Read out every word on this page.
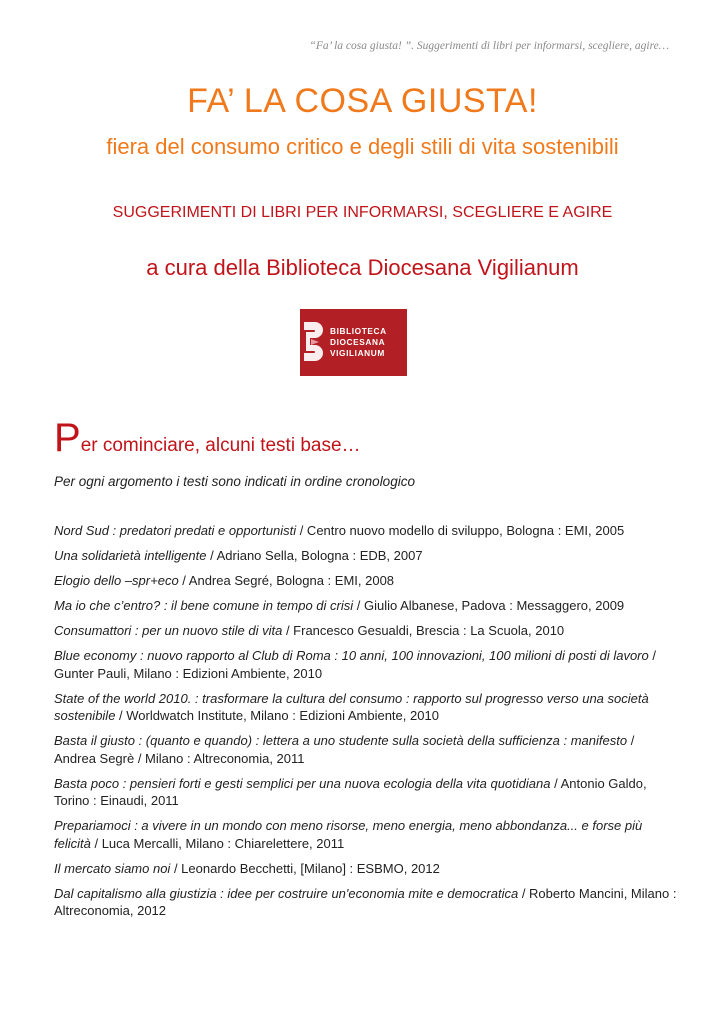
“Fa’ la cosa giusta! ”. Suggerimenti di libri per informarsi, scegliere, agire…
FA’ LA COSA GIUSTA!
fiera del consumo critico e degli stili di vita sostenibili
SUGGERIMENTI DI LIBRI PER INFORMARSI, SCEGLIERE E AGIRE
a cura della Biblioteca Diocesana Vigilianum
BIBLIOTECA
DIOCESANA
VIGILIANUM
Per cominciare, alcuni testi base…
Per ogni argomento i testi sono indicati in ordine cronologico
Nord Sud : predatori predati e opportunisti / Centro nuovo modello di sviluppo, Bologna : EMI, 2005
Una solidarietà intelligente / Adriano Sella, Bologna : EDB, 2007
Elogio dello –spr+eco / Andrea Segré, Bologna : EMI, 2008
Ma io che c’entro? : il bene comune in tempo di crisi / Giulio Albanese, Padova : Messaggero, 2009
Consumattori : per un nuovo stile di vita / Francesco Gesualdi, Brescia : La Scuola, 2010
Blue economy : nuovo rapporto al Club di Roma : 10 anni, 100 innovazioni, 100 milioni di posti di lavoro / Gunter Pauli, Milano : Edizioni Ambiente, 2010
State of the world 2010. : trasformare la cultura del consumo : rapporto sul progresso verso una società sostenibile / Worldwatch Institute, Milano : Edizioni Ambiente, 2010
Basta il giusto : (quanto e quando) : lettera a uno studente sulla società della sufficienza : manifesto / Andrea Segrè / Milano : Altreconomia, 2011
Basta poco : pensieri forti e gesti semplici per una nuova ecologia della vita quotidiana / Antonio Galdo, Torino : Einaudi, 2011
Prepariamoci : a vivere in un mondo con meno risorse, meno energia, meno abbondanza... e forse più felicità / Luca Mercalli, Milano : Chiarelettere, 2011
Il mercato siamo noi / Leonardo Becchetti, [Milano] : ESBMO, 2012
Dal capitalismo alla giustizia : idee per costruire un'economia mite e democratica / Roberto Mancini, Milano : Altreconomia, 2012
